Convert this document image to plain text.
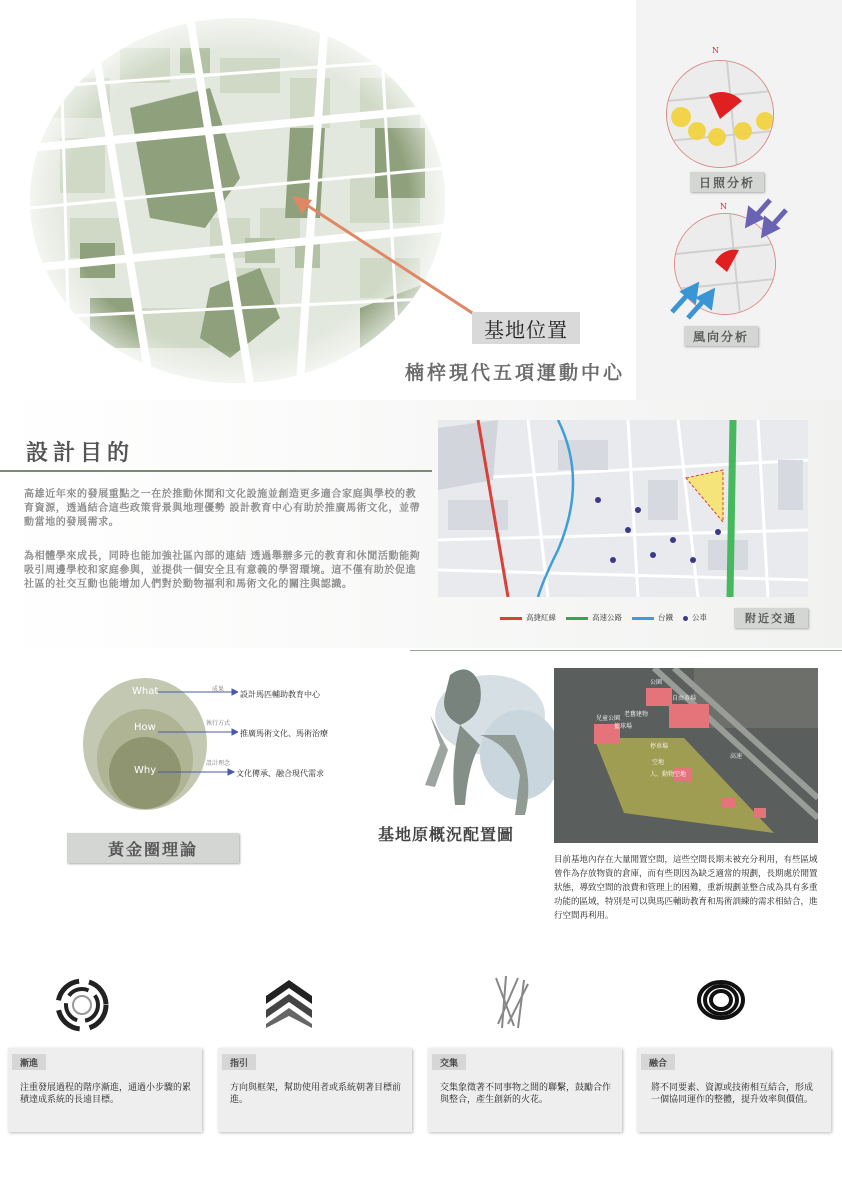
基地位置
楠梓現代五項運動中心
N
日照分析
N
風向分析
設計目的
高雄近年來的發展重點之一在於推動休閒和文化設施並創造更多適合家庭與學校的教育資源，透過結合這些政策背景與地理優勢 設計教育中心有助於推廣馬術文化，並帶動當地的發展需求。
為相體學來成長，同時也能加強社區內部的連結 透過舉辦多元的教育和休閒活動能夠吸引周邊學校和家庭參與，並提供一個安全且有意義的學習環境。這不僅有助於促進社區的社交互動也能增加人們對於動物福利和馬術文化的關注與認識。
高捷紅線	高速公路	台鐵	公車	附近交通
What
How
Why
成果
設計馬匹輔助教育中心
執行方式
推廣馬術文化、馬術治療
設計理念
文化傳承、融合現代需求
黃金圈理論
公園
自由市場
老舊建物
兒童公園
停車場
空地
人、動物空地
籃球場
高速
基地原概況配置圖
目前基地內存在大量閒置空間，這些空間長期未被充分利用，有些區域曾作為存放物資的倉庫，而有些則因為缺乏適當的規劃，長期處於閒置狀態，導致空間的浪費和管理上的困難，重新規劃並整合成為具有多重功能的區域，特別是可以與馬匹輔助教育和馬術訓練的需求相結合，進行空間再利用。
漸進
注重發展過程的階序漸進，通過小步驟的累積達成系統的長遠目標。
指引
方向與框架，幫助使用者或系統朝著目標前進。
交集
交集象徵著不同事物之間的聯繫，鼓勵合作與整合，產生創新的火花。
融合
將不同要素、資源或技術相互結合，形成一個協同運作的整體，提升效率與價值。
